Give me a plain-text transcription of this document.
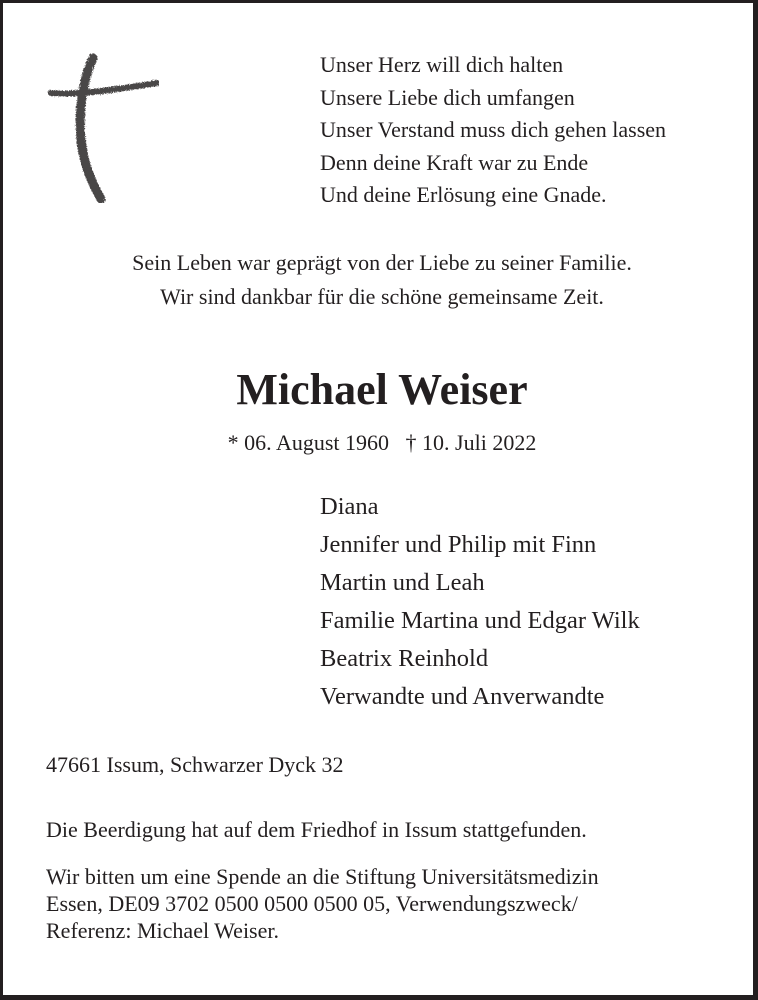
Unser Herz will dich halten
Unsere Liebe dich umfangen
Unser Verstand muss dich gehen lassen
Denn deine Kraft war zu Ende
Und deine Erlösung eine Gnade.
Sein Leben war geprägt von der Liebe zu seiner Familie.
Wir sind dankbar für die schöne gemeinsame Zeit.
Michael Weiser
* 06. August 1960 † 10. Juli 2022
Diana
Jennifer und Philip mit Finn
Martin und Leah
Familie Martina und Edgar Wilk
Beatrix Reinhold
Verwandte und Anverwandte
47661 Issum, Schwarzer Dyck 32
Die Beerdigung hat auf dem Friedhof in Issum stattgefunden.
Wir bitten um eine Spende an die Stiftung Universitätsmedizin
Essen, DE09 3702 0500 0500 0500 05, Verwendungszweck/
Referenz: Michael Weiser.
